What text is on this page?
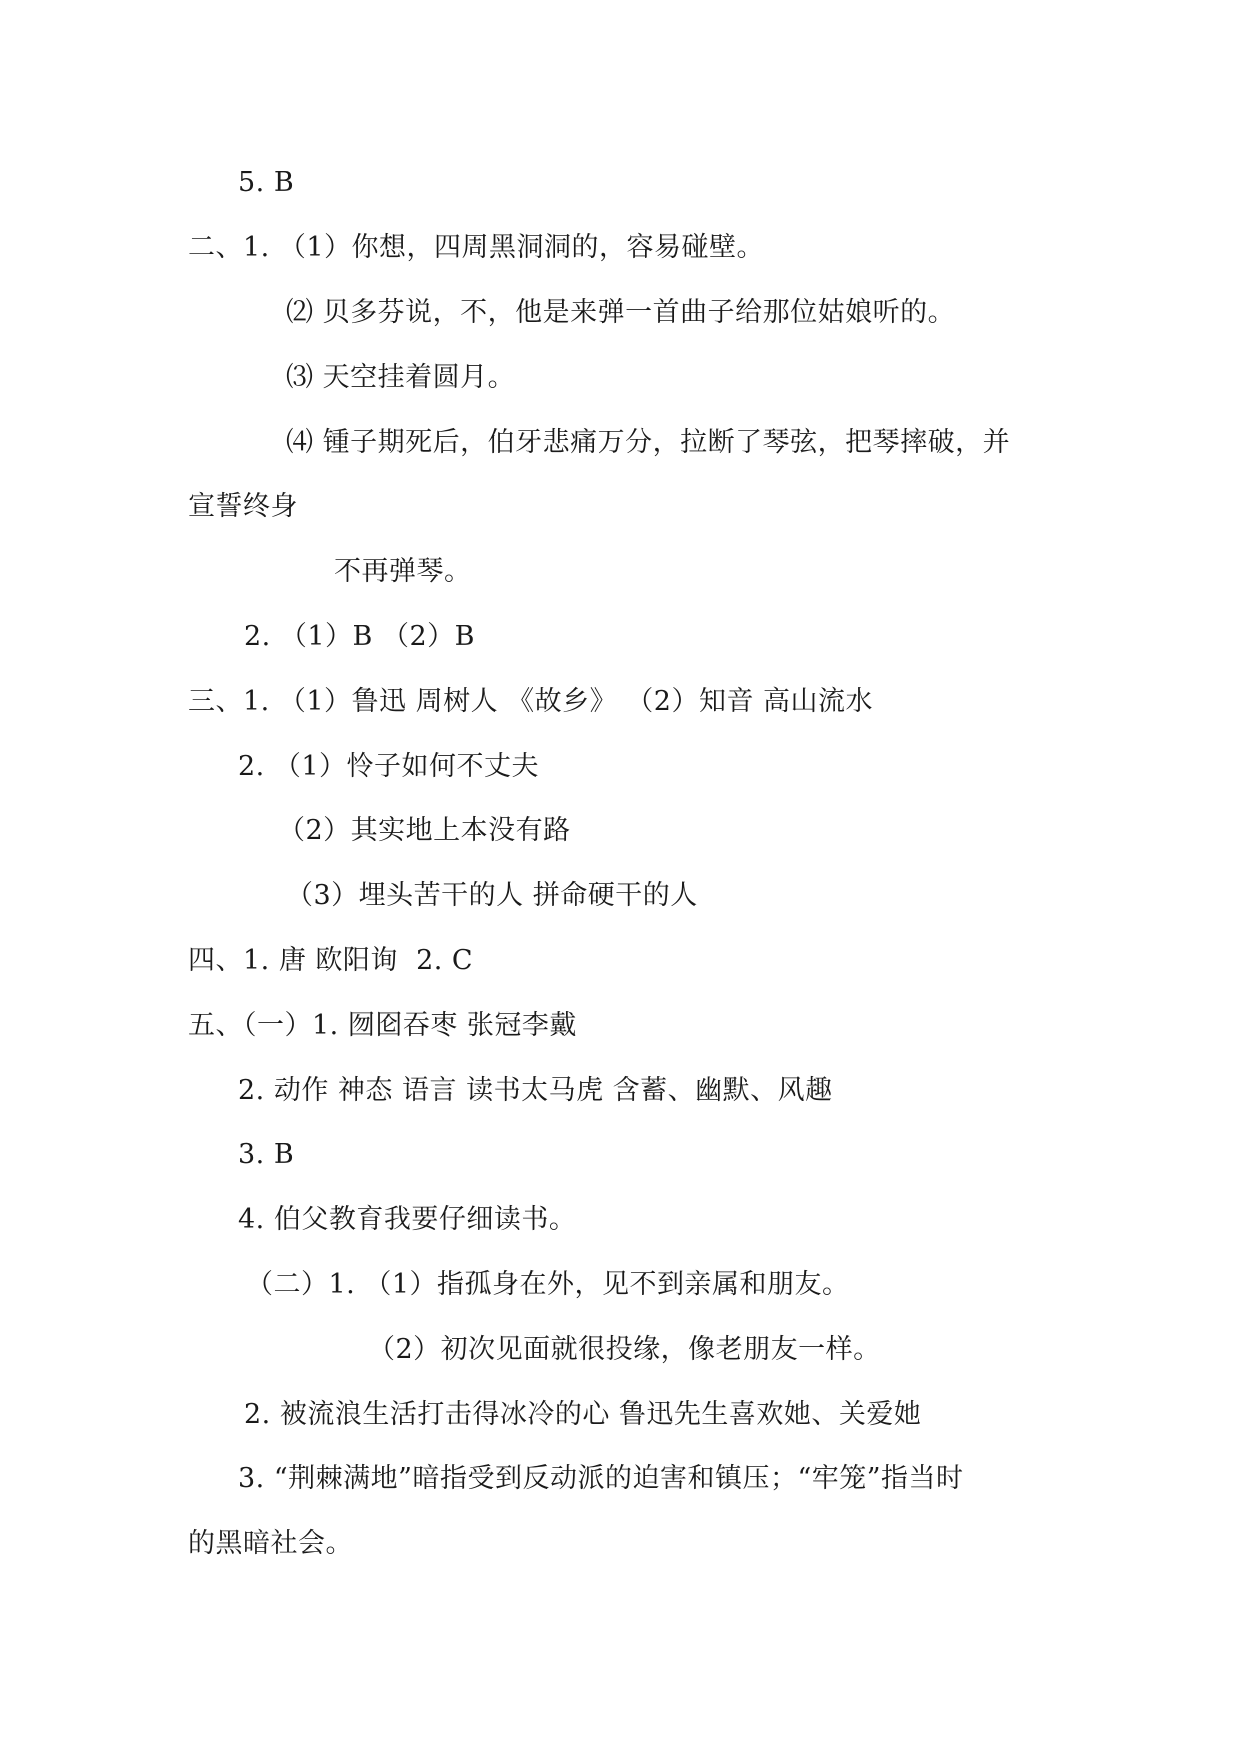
5. B
二、1. （1）你想，四周黑洞洞的，容易碰壁。
⑵ 贝多芬说，不，他是来弹一首曲子给那位姑娘听的。
⑶ 天空挂着圆月。
⑷ 锺子期死后，伯牙悲痛万分，拉断了琴弦，把琴摔破，并
宣誓终身
不再弹琴。
2. （1）B （2）B
三、1. （1）鲁迅 周树人 《故乡》 （2）知音 高山流水
2. （1）怜子如何不丈夫
（2）其实地上本没有路
（3）埋头苦干的人 拼命硬干的人
四、1. 唐 欧阳询  2. C
五、（一）1. 囫囵吞枣 张冠李戴
2. 动作 神态 语言 读书太马虎 含蓄、幽默、风趣
3. B
4. 伯父教育我要仔细读书。
（二）1. （1）指孤身在外，见不到亲属和朋友。
（2）初次见面就很投缘，像老朋友一样。
2. 被流浪生活打击得冰冷的心 鲁迅先生喜欢她、关爱她
3. “荆棘满地”暗指受到反动派的迫害和镇压；“牢笼”指当时
的黑暗社会。
